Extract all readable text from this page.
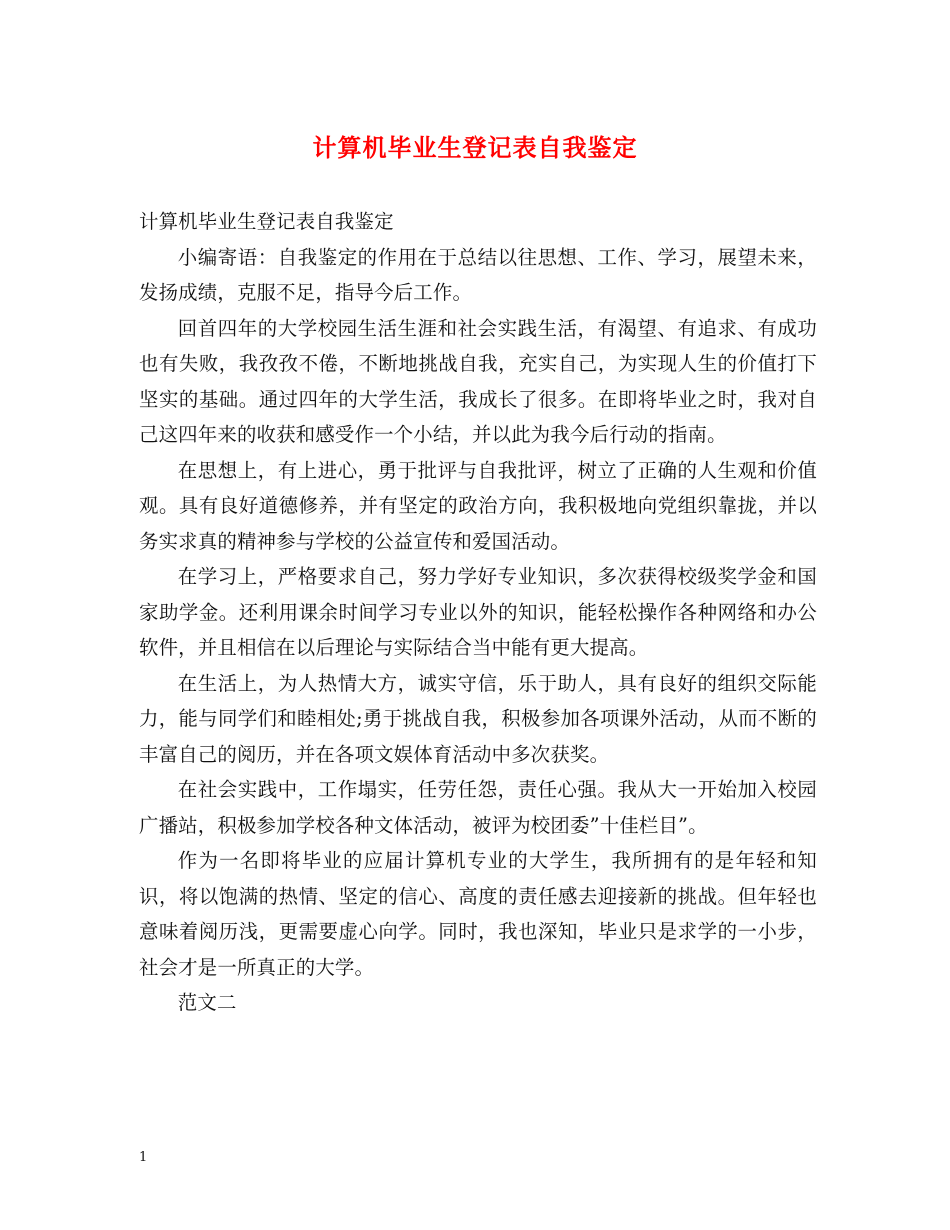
计算机毕业生登记表自我鉴定

计算机毕业生登记表自我鉴定

小编寄语：自我鉴定的作用在于总结以往思想、工作、学习，展望未来，发扬成绩，克服不足，指导今后工作。

回首四年的大学校园生活生涯和社会实践生活，有渴望、有追求、有成功也有失败，我孜孜不倦，不断地挑战自我，充实自己，为实现人生的价值打下坚实的基础。通过四年的大学生活，我成长了很多。在即将毕业之时，我对自己这四年来的收获和感受作一个小结，并以此为我今后行动的指南。

在思想上，有上进心，勇于批评与自我批评，树立了正确的人生观和价值观。具有良好道德修养，并有坚定的政治方向，我积极地向党组织靠拢，并以务实求真的精神参与学校的公益宣传和爱国活动。

在学习上，严格要求自己，努力学好专业知识，多次获得校级奖学金和国家助学金。还利用课余时间学习专业以外的知识，能轻松操作各种网络和办公软件，并且相信在以后理论与实际结合当中能有更大提高。

在生活上，为人热情大方，诚实守信，乐于助人，具有良好的组织交际能力，能与同学们和睦相处;勇于挑战自我，积极参加各项课外活动，从而不断的丰富自己的阅历，并在各项文娱体育活动中多次获奖。

在社会实践中，工作塌实，任劳任怨，责任心强。我从大一开始加入校园广播站，积极参加学校各种文体活动，被评为校团委”十佳栏目”。

作为一名即将毕业的应届计算机专业的大学生，我所拥有的是年轻和知识，将以饱满的热情、坚定的信心、高度的责任感去迎接新的挑战。但年轻也意味着阅历浅，更需要虚心向学。同时，我也深知，毕业只是求学的一小步，社会才是一所真正的大学。

范文二

1
